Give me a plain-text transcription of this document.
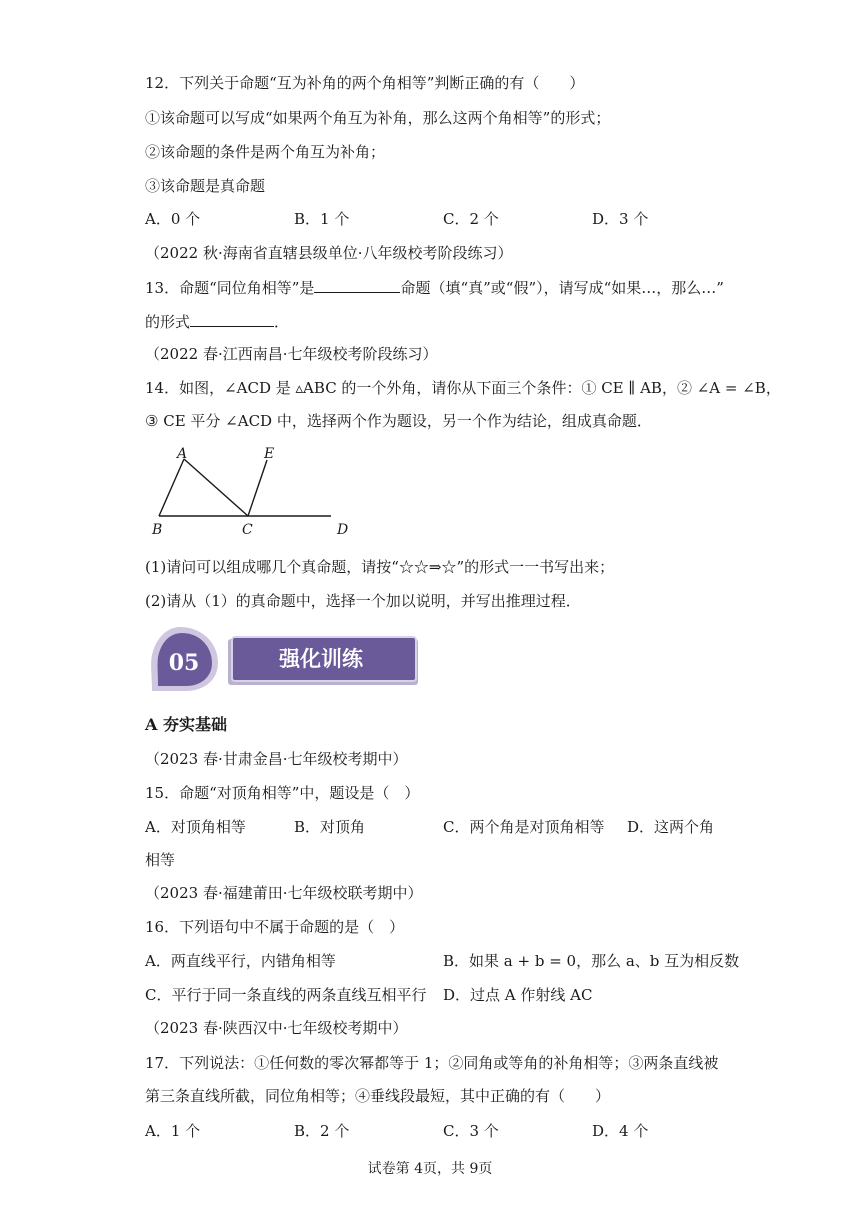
12．下列关于命题“互为补角的两个角相等”判断正确的有（　　）
①该命题可以写成“如果两个角互为补角，那么这两个角相等”的形式；
②该命题的条件是两个角互为补角；
③该命题是真命题
A．0 个	B．1 个	C．2 个	D．3 个
（2022 秋·海南省直辖县级单位·八年级校考阶段练习）
13．命题“同位角相等”是	命题（填“真”或“假”），请写成“如果…，那么…”
的形式	．
（2022 春·江西南昌·七年级校考阶段练习）
14．如图，∠ACD 是 ▵ABC 的一个外角，请你从下面三个条件：① CE ∥ AB，② ∠A = ∠B，
③ CE 平分 ∠ACD 中，选择两个作为题设，另一个作为结论，组成真命题．
A	E
B	C	D
(1)请问可以组成哪几个真命题，请按“☆☆⇒☆”的形式一一书写出来；
(2)请从（1）的真命题中，选择一个加以说明，并写出推理过程．
05	强化训练
A 夯实基础
（2023 春·甘肃金昌·七年级校考期中）
15．命题“对顶角相等”中，题设是（　）
A．对顶角相等	B．对顶角	C．两个角是对顶角相等 D．这两个角
相等
（2023 春·福建莆田·七年级校联考期中）
16．下列语句中不属于命题的是（　）
A．两直线平行，内错角相等	B．如果 a + b = 0，那么 a、b 互为相反数
C．平行于同一条直线的两条直线互相平行 D．过点 A 作射线 AC
（2023 春·陕西汉中·七年级校考期中）
17．下列说法：①任何数的零次幂都等于 1；②同角或等角的补角相等；③两条直线被
第三条直线所截，同位角相等；④垂线段最短，其中正确的有（　　）
A．1 个	B．2 个	C．3 个	D．4 个
试卷第 4页，共 9页
